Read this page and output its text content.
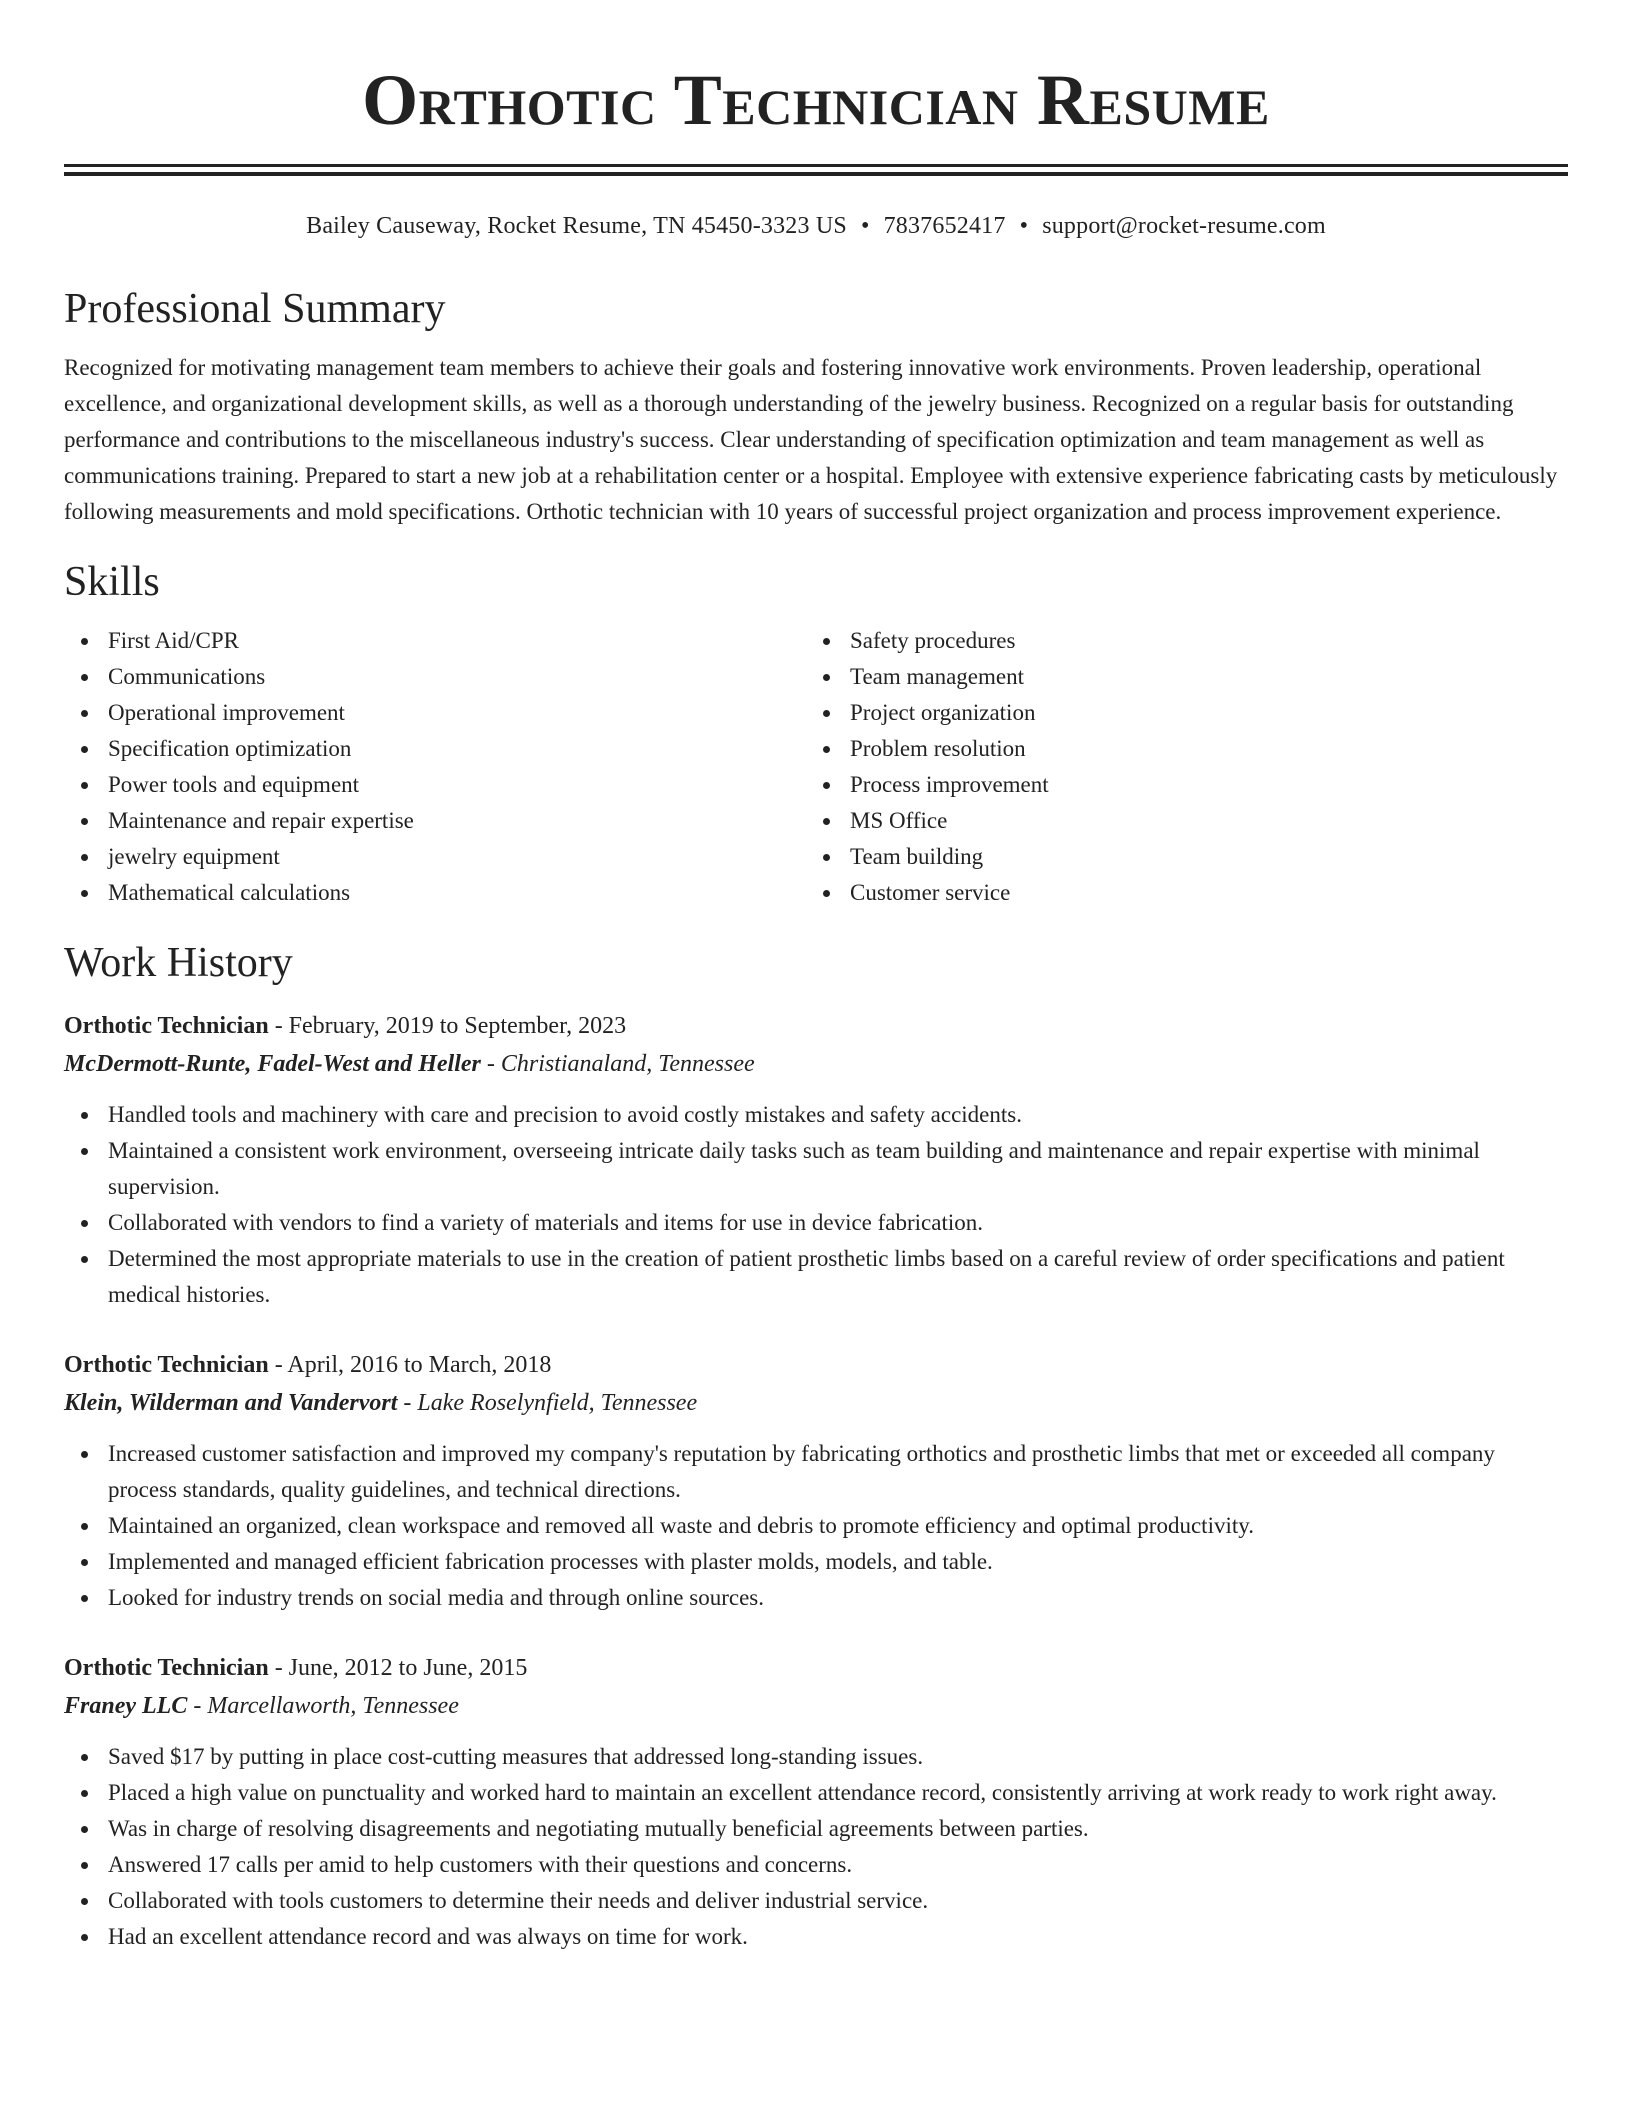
Orthotic Technician Resume
Bailey Causeway, Rocket Resume, TN 45450-3323 US • 7837652417 • support@rocket-resume.com
Professional Summary

Recognized for motivating management team members to achieve their goals and fostering innovative work environments. Proven leadership, operational excellence, and organizational development skills, as well as a thorough understanding of the jewelry business. Recognized on a regular basis for outstanding performance and contributions to the miscellaneous industry's success. Clear understanding of specification optimization and team management as well as communications training. Prepared to start a new job at a rehabilitation center or a hospital. Employee with extensive experience fabricating casts by meticulously following measurements and mold specifications. Orthotic technician with 10 years of successful project organization and process improvement experience.

Skills
First Aid/CPR
Communications
Operational improvement
Specification optimization
Power tools and equipment
Maintenance and repair expertise
jewelry equipment
Mathematical calculations
Safety procedures
Team management
Project organization
Problem resolution
Process improvement
MS Office
Team building
Customer service
Work History
Orthotic Technician - February, 2019 to September, 2023
McDermott-Runte, Fadel-West and Heller - Christianaland, Tennessee
Handled tools and machinery with care and precision to avoid costly mistakes and safety accidents.
Maintained a consistent work environment, overseeing intricate daily tasks such as team building and maintenance and repair expertise with minimal supervision.
Collaborated with vendors to find a variety of materials and items for use in device fabrication.
Determined the most appropriate materials to use in the creation of patient prosthetic limbs based on a careful review of order specifications and patient medical histories.
Orthotic Technician - April, 2016 to March, 2018
Klein, Wilderman and Vandervort - Lake Roselynfield, Tennessee
Increased customer satisfaction and improved my company's reputation by fabricating orthotics and prosthetic limbs that met or exceeded all company process standards, quality guidelines, and technical directions.
Maintained an organized, clean workspace and removed all waste and debris to promote efficiency and optimal productivity.
Implemented and managed efficient fabrication processes with plaster molds, models, and table.
Looked for industry trends on social media and through online sources.
Orthotic Technician - June, 2012 to June, 2015
Franey LLC - Marcellaworth, Tennessee
Saved $17 by putting in place cost-cutting measures that addressed long-standing issues.
Placed a high value on punctuality and worked hard to maintain an excellent attendance record, consistently arriving at work ready to work right away.
Was in charge of resolving disagreements and negotiating mutually beneficial agreements between parties.
Answered 17 calls per amid to help customers with their questions and concerns.
Collaborated with tools customers to determine their needs and deliver industrial service.
Had an excellent attendance record and was always on time for work.
